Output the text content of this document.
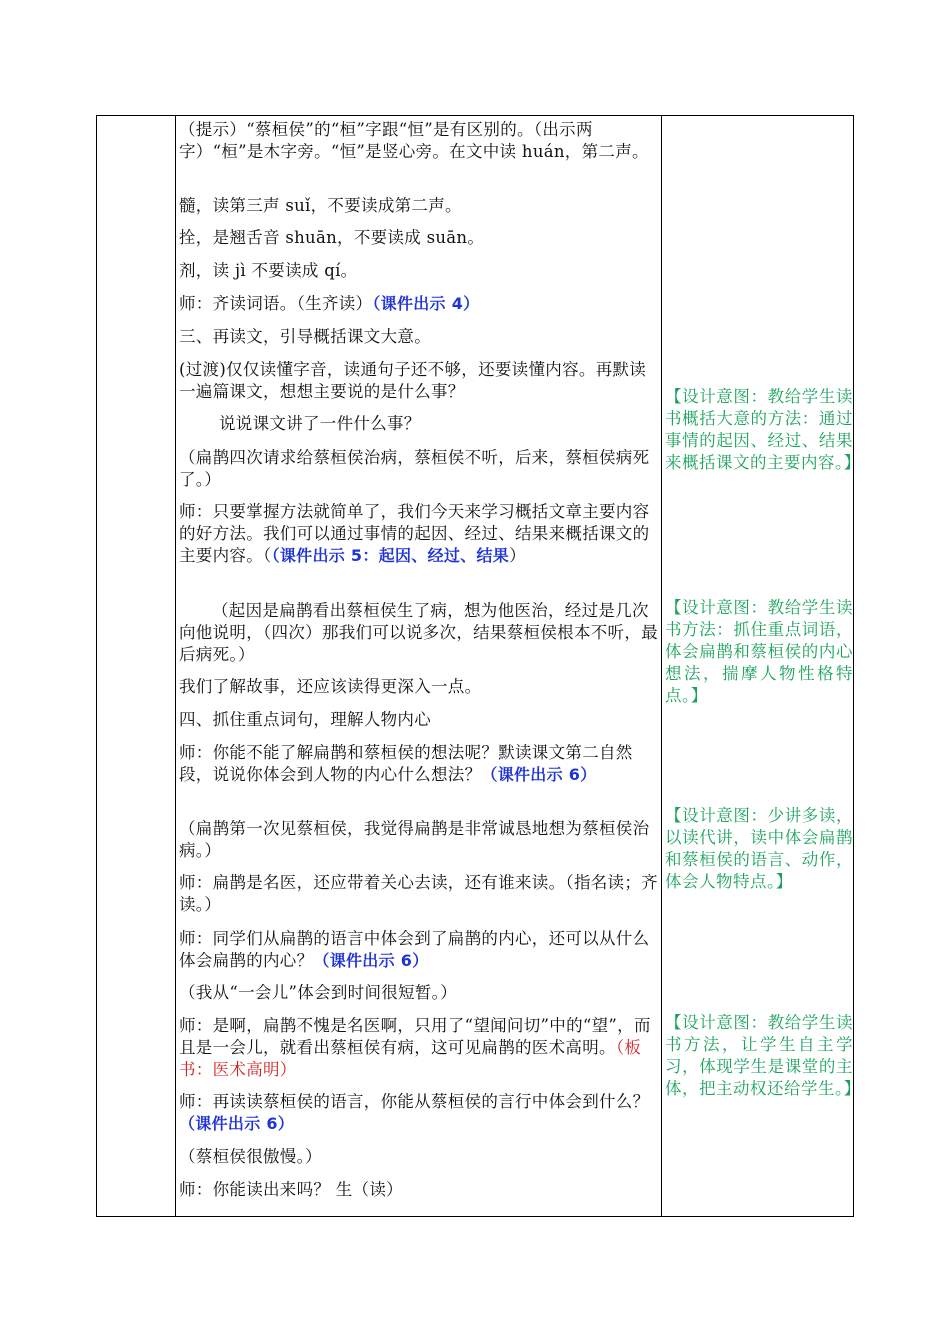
（提示）“蔡桓侯”的“桓”字跟“恒”是有区别的。（出示两字）“桓”是木字旁。“恒”是竖心旁。在文中读 huán，第二声。
髓，读第三声 suǐ，不要读成第二声。
拴，是翘舌音 shuān，不要读成 suān。
剂，读 jì 不要读成 qí。
师：齐读词语。（生齐读）（课件出示 4）
三、再读文，引导概括课文大意。
(过渡)仅仅读懂字音，读通句子还不够，还要读懂内容。再默读一遍篇课文，想想主要说的是什么事？
说说课文讲了一件什么事？
（扁鹊四次请求给蔡桓侯治病，蔡桓侯不听，后来，蔡桓侯病死了。）
师：只要掌握方法就简单了，我们今天来学习概括文章主要内容的好方法。我们可以通过事情的起因、经过、结果来概括课文的主要内容。（（课件出示 5：起因、经过、结果）
（起因是扁鹊看出蔡桓侯生了病，想为他医治，经过是几次向他说明，（四次）那我们可以说多次，结果蔡桓侯根本不听，最后病死。）
我们了解故事，还应该读得更深入一点。
四、抓住重点词句，理解人物内心
师：你能不能了解扁鹊和蔡桓侯的想法呢？默读课文第二自然段，说说你体会到人物的内心什么想法？（课件出示 6）
（扁鹊第一次见蔡桓侯，我觉得扁鹊是非常诚恳地想为蔡桓侯治病。）
师：扁鹊是名医，还应带着关心去读，还有谁来读。（指名读；齐读。）
师：同学们从扁鹊的语言中体会到了扁鹊的内心，还可以从什么体会扁鹊的内心？（课件出示 6）
（我从“一会儿”体会到时间很短暂。）
师：是啊，扁鹊不愧是名医啊，只用了“望闻问切”中的“望”，而且是一会儿，就看出蔡桓侯有病，这可见扁鹊的医术高明。（板书：医术高明）
师：再读读蔡桓侯的语言，你能从蔡桓侯的言行中体会到什么？（课件出示 6）
（蔡桓侯很傲慢。）
师：你能读出来吗？ 生（读）
【设计意图：教给学生读书概括大意的方法：通过事情的起因、经过、结果来概括课文的主要内容。】
【设计意图：教给学生读书方法：抓住重点词语，体会扁鹊和蔡桓侯的内心想法，揣摩人物性格特点。】
【设计意图：少讲多读，以读代讲，读中体会扁鹊和蔡桓侯的语言、动作，体会人物特点。】
【设计意图：教给学生读书方法，让学生自主学习，体现学生是课堂的主体，把主动权还给学生。】
